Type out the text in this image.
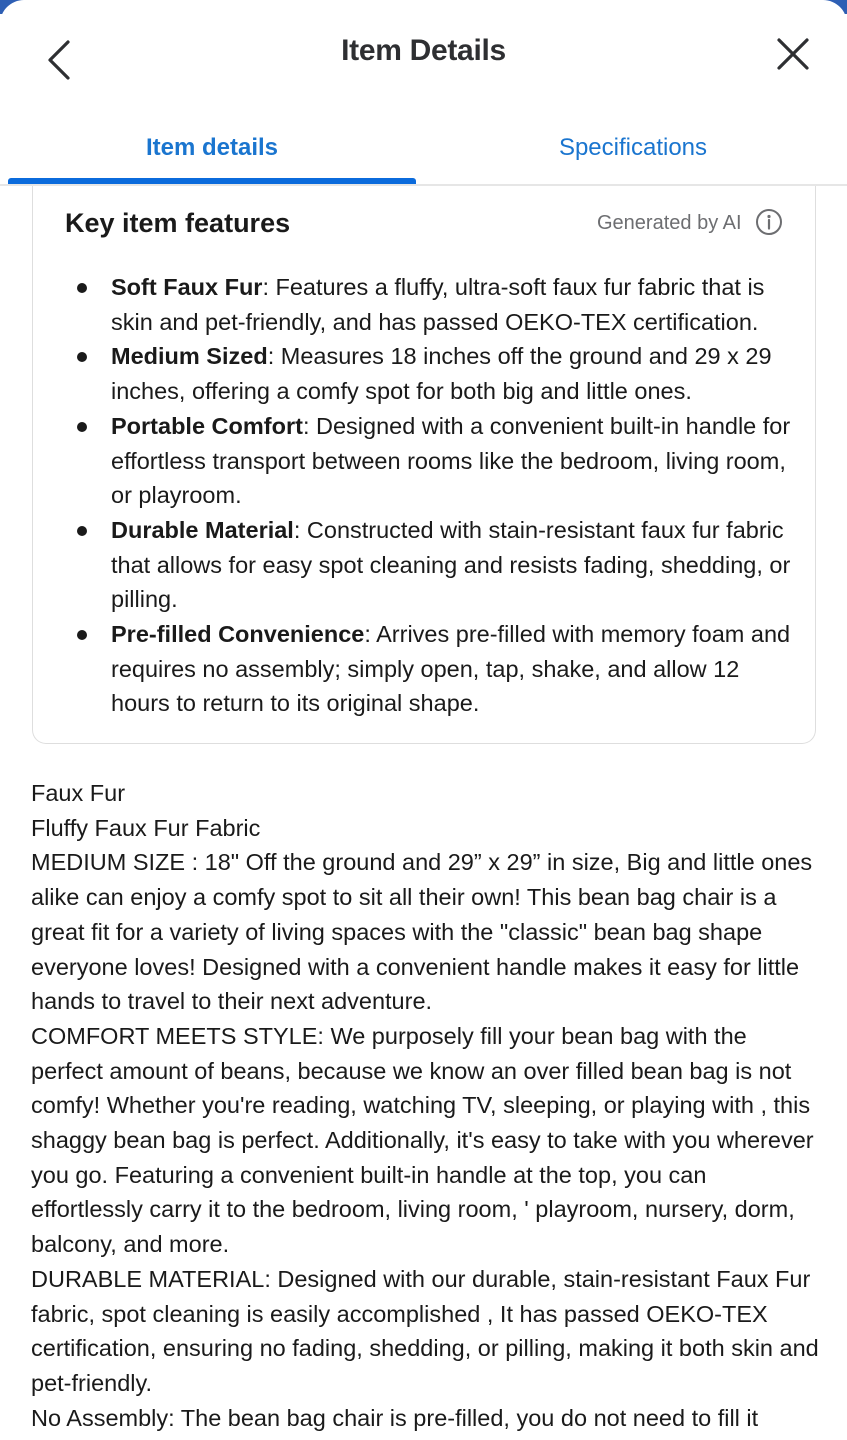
Item Details
Item details	Specifications
Key item features	Generated by AI
Soft Faux Fur: Features a fluffy, ultra-soft faux fur fabric that is skin and pet-friendly, and has passed OEKO-TEX certification.
Medium Sized: Measures 18 inches off the ground and 29 x 29 inches, offering a comfy spot for both big and little ones.
Portable Comfort: Designed with a convenient built-in handle for effortless transport between rooms like the bedroom, living room, or playroom.
Durable Material: Constructed with stain-resistant faux fur fabric that allows for easy spot cleaning and resists fading, shedding, or pilling.
Pre-filled Convenience: Arrives pre-filled with memory foam and requires no assembly; simply open, tap, shake, and allow 12 hours to return to its original shape.

Faux Fur

Fluffy Faux Fur Fabric

MEDIUM SIZE : 18" Off the ground and 29” x 29” in size, Big and little ones alike can enjoy a comfy spot to sit all their own! This bean bag chair is a great fit for a variety of living spaces with the "classic" bean bag shape everyone loves! Designed with a convenient handle makes it easy for little hands to travel to their next adventure.

COMFORT MEETS STYLE: We purposely fill your bean bag with the perfect amount of beans, because we know an over filled bean bag is not comfy! Whether you're reading, watching TV, sleeping, or playing with , this shaggy bean bag is perfect. Additionally, it's easy to take with you wherever you go. Featuring a convenient built-in handle at the top, you can effortlessly carry it to the bedroom, living room, ' playroom, nursery, dorm, balcony, and more.

DURABLE MATERIAL: Designed with our durable, stain-resistant Faux Fur fabric, spot cleaning is easily accomplished , It has passed OEKO-TEX certification, ensuring no fading, shedding, or pilling, making it both skin and pet-friendly.

No Assembly: The bean bag chair is pre-filled, you do not need to fill it
